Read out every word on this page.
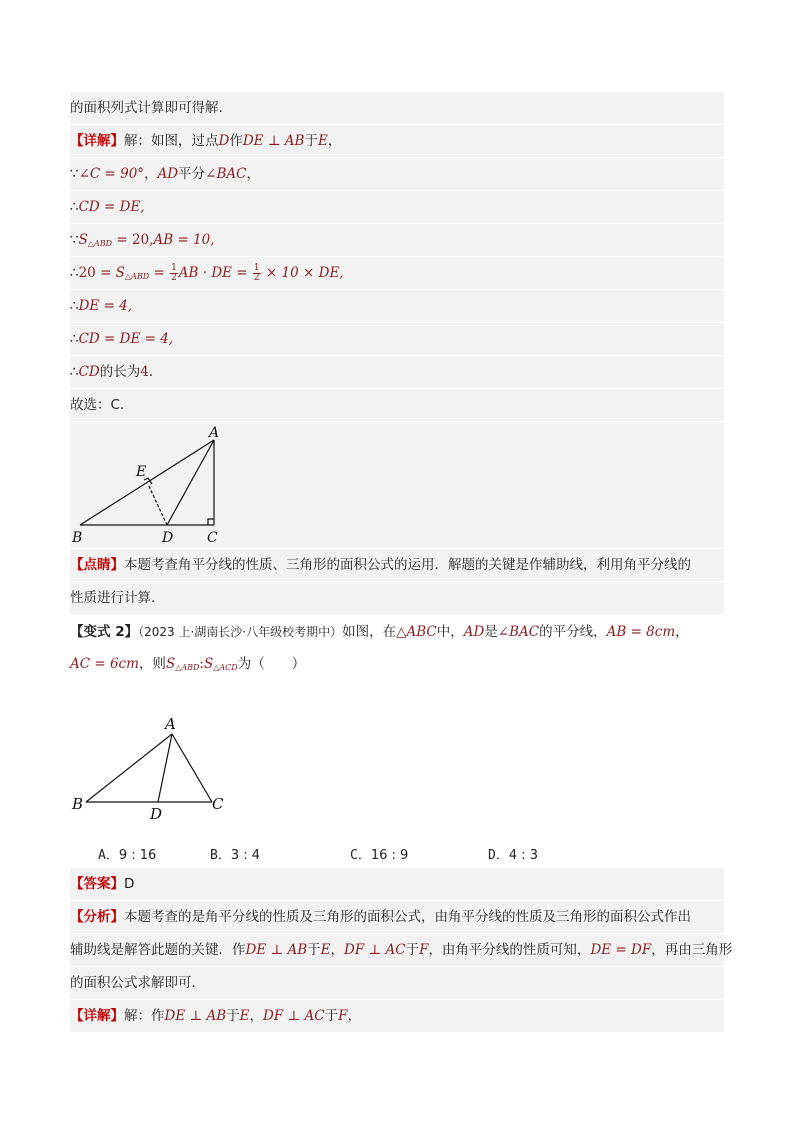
的面积列式计算即可得解.
【详解】解：如图，过点D作DE ⊥ AB于E，
∵∠C = 90°，AD平分∠BAC，
∴CD = DE,
$\because S_{\triangle ABD} = 20,AB = 10$,
∴20 = $S_{\triangle ABD} = \frac{1}{2}$ AB · DE = $\frac{1}{2} \times 10$ × DE,
∴DE = 4,
∴CD = DE = 4,
∴CD的长为4.
故选：C.
A
E
B	D C
【点睛】本题考查角平分线的性质、三角形的面积公式的运用．解题的关键是作辅助线，利用角平分线的
性质进行计算.
【变式 2】（2023 上·湖南长沙·八年级校考期中）如图，在△ABC中，AD是∠BAC的平分线，AB = 8cm，
AC = 6cm，则$S_{\triangle ABD}:S_{\triangle ACD}$为（　　）
A
B
D
C
A．9 : 16	B．3 : 4	C．16 : 9	D．4 : 3
【答案】D
【分析】本题考查的是角平分线的性质及三角形的面积公式，由角平分线的性质及三角形的面积公式作出
辅助线是解答此题的关键．作DE ⊥ AB于E，DF ⊥ AC于F，由角平分线的性质可知，DE = DF，再由三角形
的面积公式求解即可.
【详解】解：作DE ⊥ AB于E，DF ⊥ AC于F，
